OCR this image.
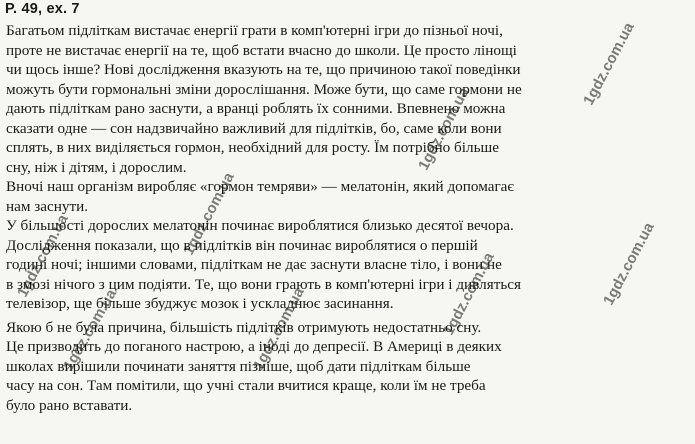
P. 49, ex. 7
Багатьом підліткам вистачає енергії грати в комп'ютерні ігри до пізньої ночі,
проте не вистачає енергії на те, щоб встати вчасно до школи. Це просто лінощі
чи щось інше? Нові дослідження вказують на те, що причиною такої поведінки
можуть бути гормональні зміни дорослішання. Може бути, що саме гормони не
дають підліткам рано заснути, а вранці роблять їх сонними. Впевнено можна
сказати одне — сон надзвичайно важливий для підлітків, бо, саме коли вони
сплять, в них виділяється гормон, необхідний для росту. Їм потрібно більше
сну, ніж і дітям, і дорослим.
Вночі наш організм виробляє «гормон темряви» — мелатонін, який допомагає
нам заснути.
У більшості дорослих мелатонін починає вироблятися близько десятої вечора.
Дослідження показали, що в підлітків він починає вироблятися о першій
годині ночі; іншими словами, підліткам не дає заснути власне тіло, і вони не
в змозі нічого з цим подіяти. Те, що вони грають в комп'ютерні ігри і дивляться
телевізор, ще більше збуджує мозок і ускладнює засинання.
Якою б не була причина, більшість підлітків отримують недостатньо сну.
Це призводить до поганого настрою, а іноді до депресії. В Америці в деяких
школах вирішили починати заняття пізніше, щоб дати підліткам більше
часу на сон. Там помітили, що учні стали вчитися краще, коли їм не треба
було рано вставати.
1gdz.com.ua
1gdz.com.ua
1gdz.com.ua
1gdz.com.ua
1gdz.com.ua
1gdz.com.ua
1gdz.com.ua
1gdz.com.ua
